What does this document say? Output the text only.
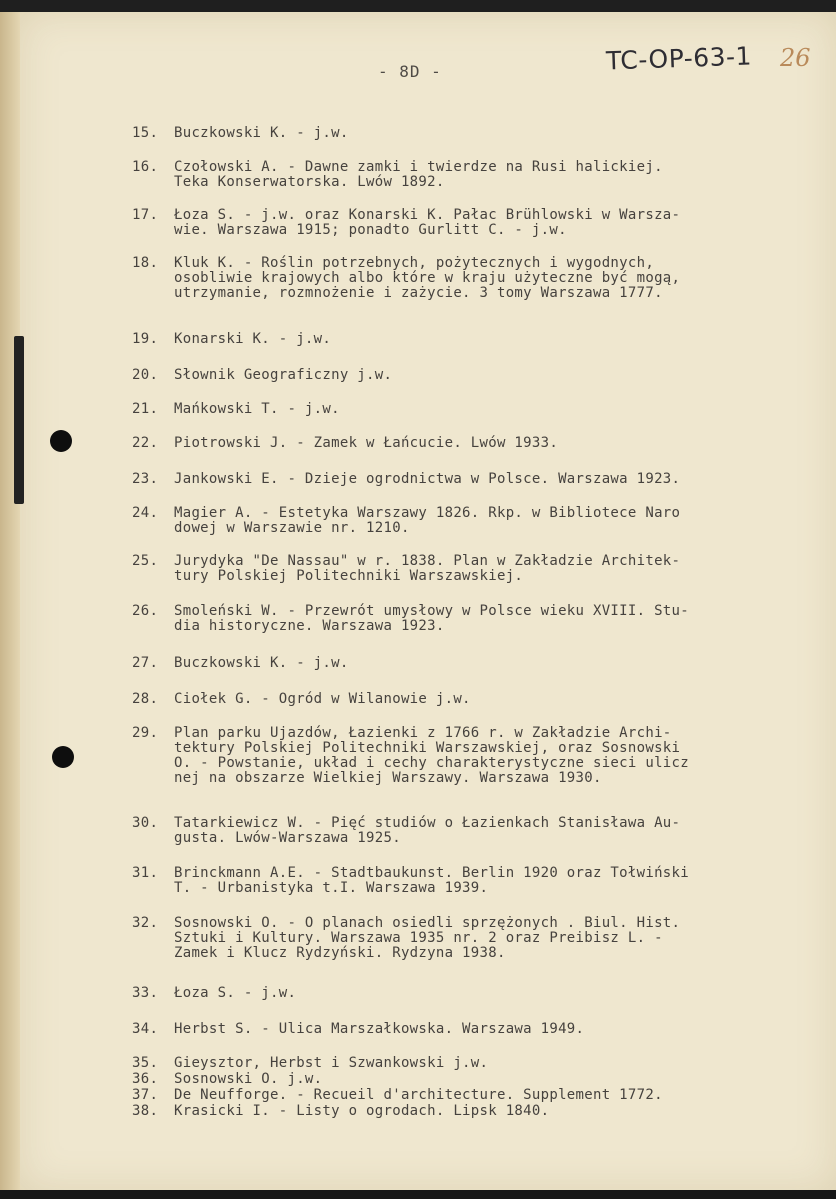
- 8D -	TC-OP-63-1 26
15. Buczkowski K. - j.w.
16. Czołowski A. - Dawne zamki i twierdze na Rusi halickiej.
Teka Konserwatorska. Lwów 1892.
17. Łoza S. - j.w. oraz Konarski K. Pałac Brühlowski w Warsza-
wie. Warszawa 1915; ponadto Gurlitt C. - j.w.
18. Kluk K. - Roślin potrzebnych, pożytecznych i wygodnych,
osobliwie krajowych albo które w kraju użyteczne być mogą,
utrzymanie, rozmnożenie i zażycie. 3 tomy Warszawa 1777.
19. Konarski K. - j.w.
20. Słownik Geograficzny j.w.
21. Mańkowski T. - j.w.
22. Piotrowski J. - Zamek w Łańcucie. Lwów 1933.
23. Jankowski E. - Dzieje ogrodnictwa w Polsce. Warszawa 1923.
24. Magier A. - Estetyka Warszawy 1826. Rkp. w Bibliotece Naro
dowej w Warszawie nr. 1210.
25. Jurydyka "De Nassau" w r. 1838. Plan w Zakładzie Architek-
tury Polskiej Politechniki Warszawskiej.
26. Smoleński W. - Przewrót umysłowy w Polsce wieku XVIII. Stu-
dia historyczne. Warszawa 1923.
27. Buczkowski K. - j.w.
28. Ciołek G. - Ogród w Wilanowie j.w.
29. Plan parku Ujazdów, Łazienki z 1766 r. w Zakładzie Archi-
tektury Polskiej Politechniki Warszawskiej, oraz Sosnowski
O. - Powstanie, układ i cechy charakterystyczne sieci ulicz
nej na obszarze Wielkiej Warszawy. Warszawa 1930.
30. Tatarkiewicz W. - Pięć studiów o Łazienkach Stanisława Au-
gusta. Lwów-Warszawa 1925.
31. Brinckmann A.E. - Stadtbaukunst. Berlin 1920 oraz Tołwiński
T. - Urbanistyka t.I. Warszawa 1939.
32. Sosnowski O. - O planach osiedli sprzężonych . Biul. Hist.
Sztuki i Kultury. Warszawa 1935 nr. 2 oraz Preibisz L. -
Zamek i Klucz Rydzyński. Rydzyna 1938.
33. Łoza S. - j.w.
34. Herbst S. - Ulica Marszałkowska. Warszawa 1949.
35. Gieysztor, Herbst i Szwankowski j.w.
36. Sosnowski O. j.w.
37. De Neufforge. - Recueil d'architecture. Supplement 1772.
38. Krasicki I. - Listy o ogrodach. Lipsk 1840.
